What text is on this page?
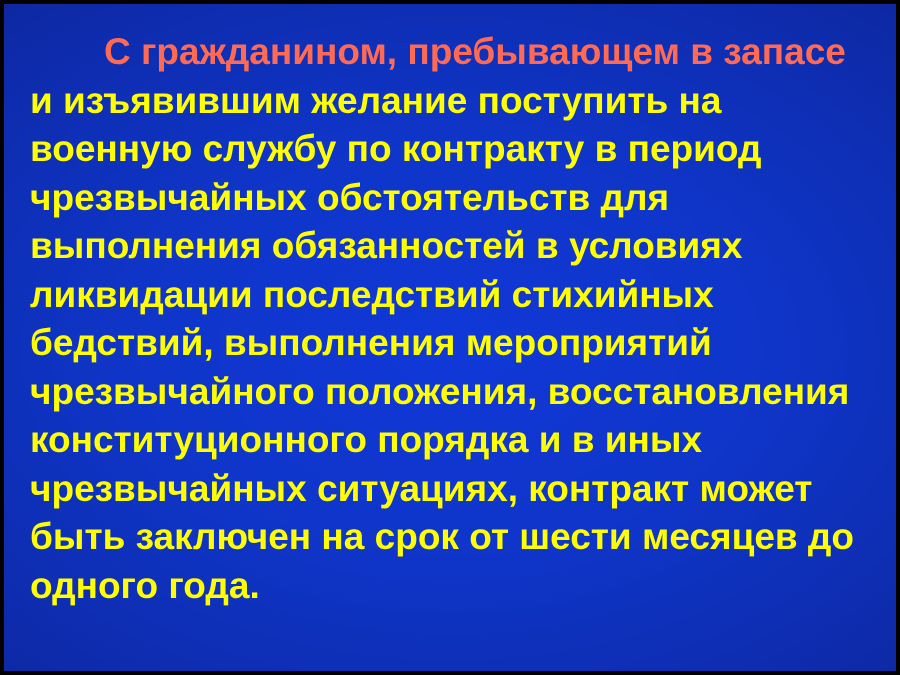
С гражданином, пребывающем в запасе и изъявившим желание поступить на военную службу по контракту в период чрезвычайных обстоятельств для выполнения обязанностей в условиях ликвидации последствий стихийных бедствий, выполнения мероприятий чрезвычайного положения, восстановления конституционного порядка и в иных чрезвычайных ситуациях, контракт может быть заключен на срок от шести месяцев до одного года.
